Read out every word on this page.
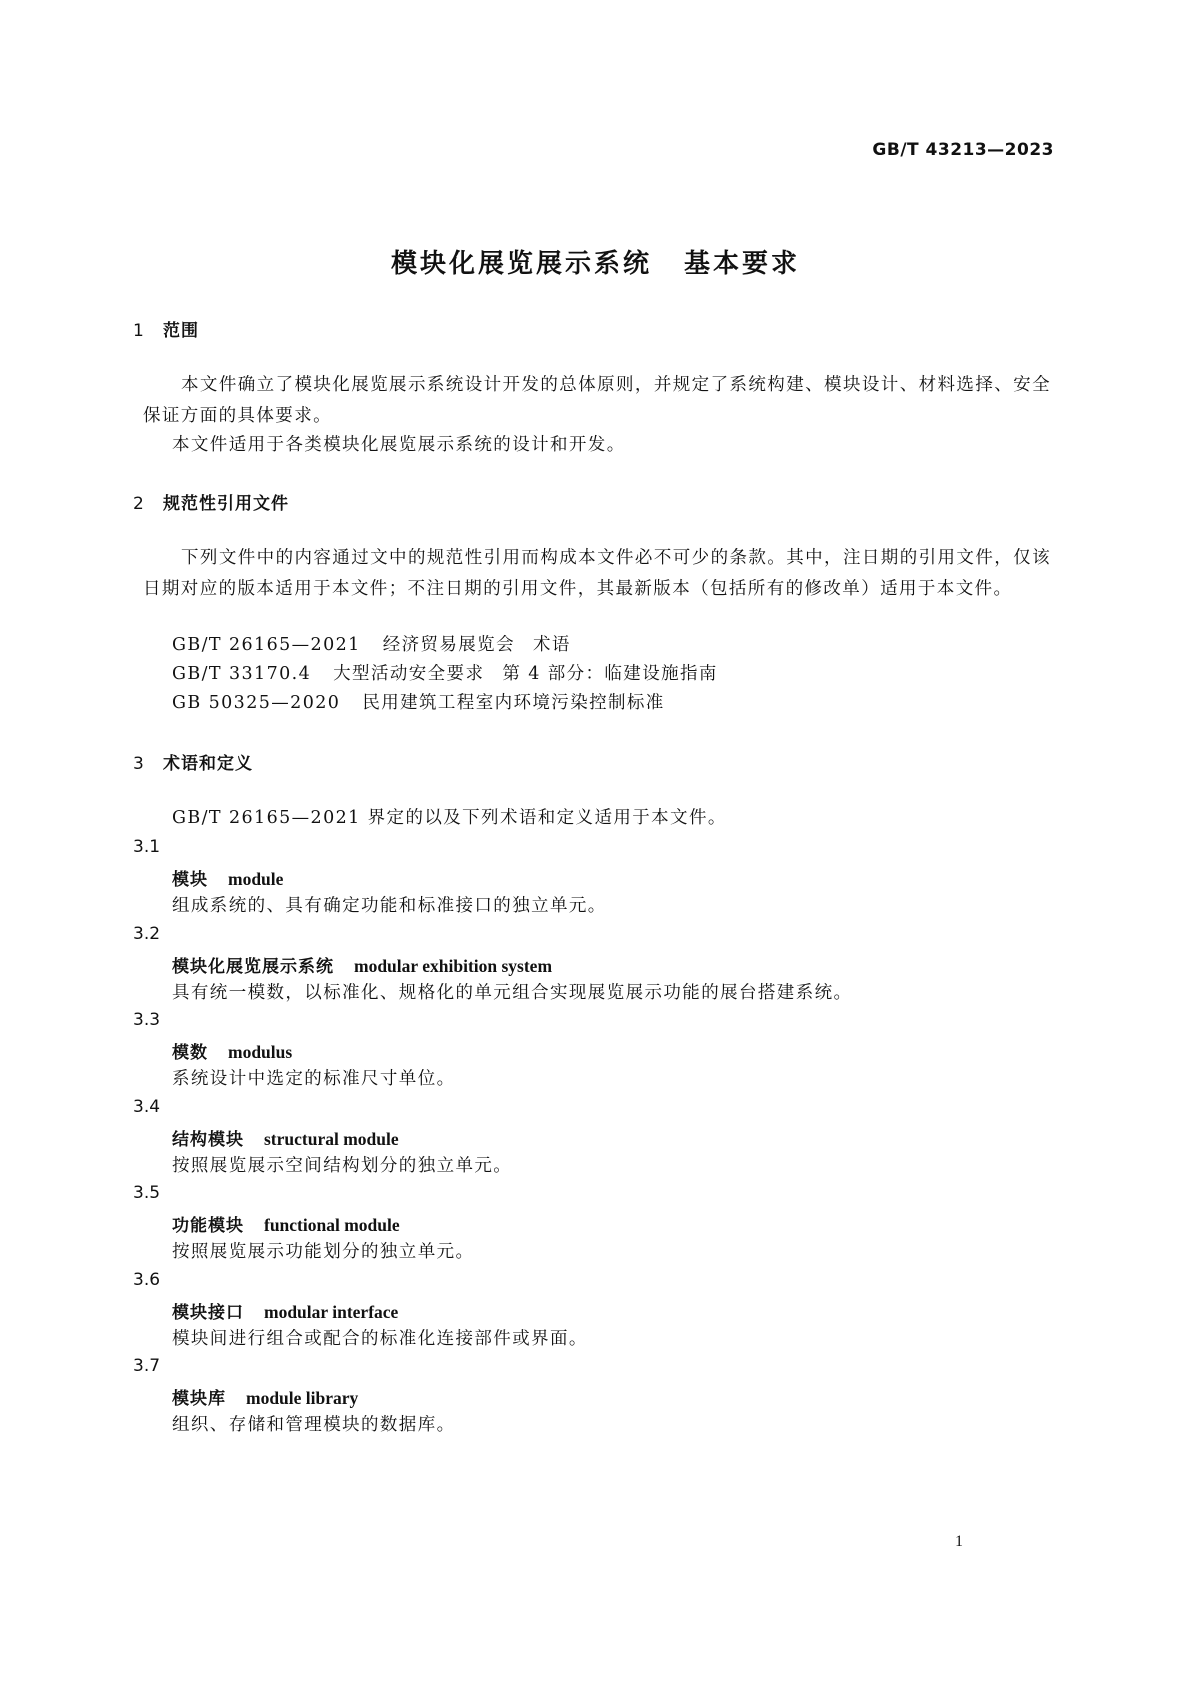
GB/T 43213—2023
模块化展览展示系统 基本要求
1 范围
本文件确立了模块化展览展示系统设计开发的总体原则，并规定了系统构建、模块设计、材料选择、安全保证方面的具体要求。
本文件适用于各类模块化展览展示系统的设计和开发。
2 规范性引用文件
下列文件中的内容通过文中的规范性引用而构成本文件必不可少的条款。其中，注日期的引用文件，仅该日期对应的版本适用于本文件；不注日期的引用文件，其最新版本（包括所有的修改单）适用于本文件。
GB/T 26165—2021 经济贸易展览会 术语
GB/T 33170.4 大型活动安全要求 第 4 部分：临建设施指南
GB 50325—2020 民用建筑工程室内环境污染控制标准
3 术语和定义
GB/T 26165—2021 界定的以及下列术语和定义适用于本文件。
3.1
模块 module
组成系统的、具有确定功能和标准接口的独立单元。
3.2
模块化展览展示系统 modular exhibition system
具有统一模数，以标准化、规格化的单元组合实现展览展示功能的展台搭建系统。
3.3
模数 modulus
系统设计中选定的标准尺寸单位。
3.4
结构模块 structural module
按照展览展示空间结构划分的独立单元。
3.5
功能模块 functional module
按照展览展示功能划分的独立单元。
3.6
模块接口 modular interface
模块间进行组合或配合的标准化连接部件或界面。
3.7
模块库 module library
组织、存储和管理模块的数据库。
1
